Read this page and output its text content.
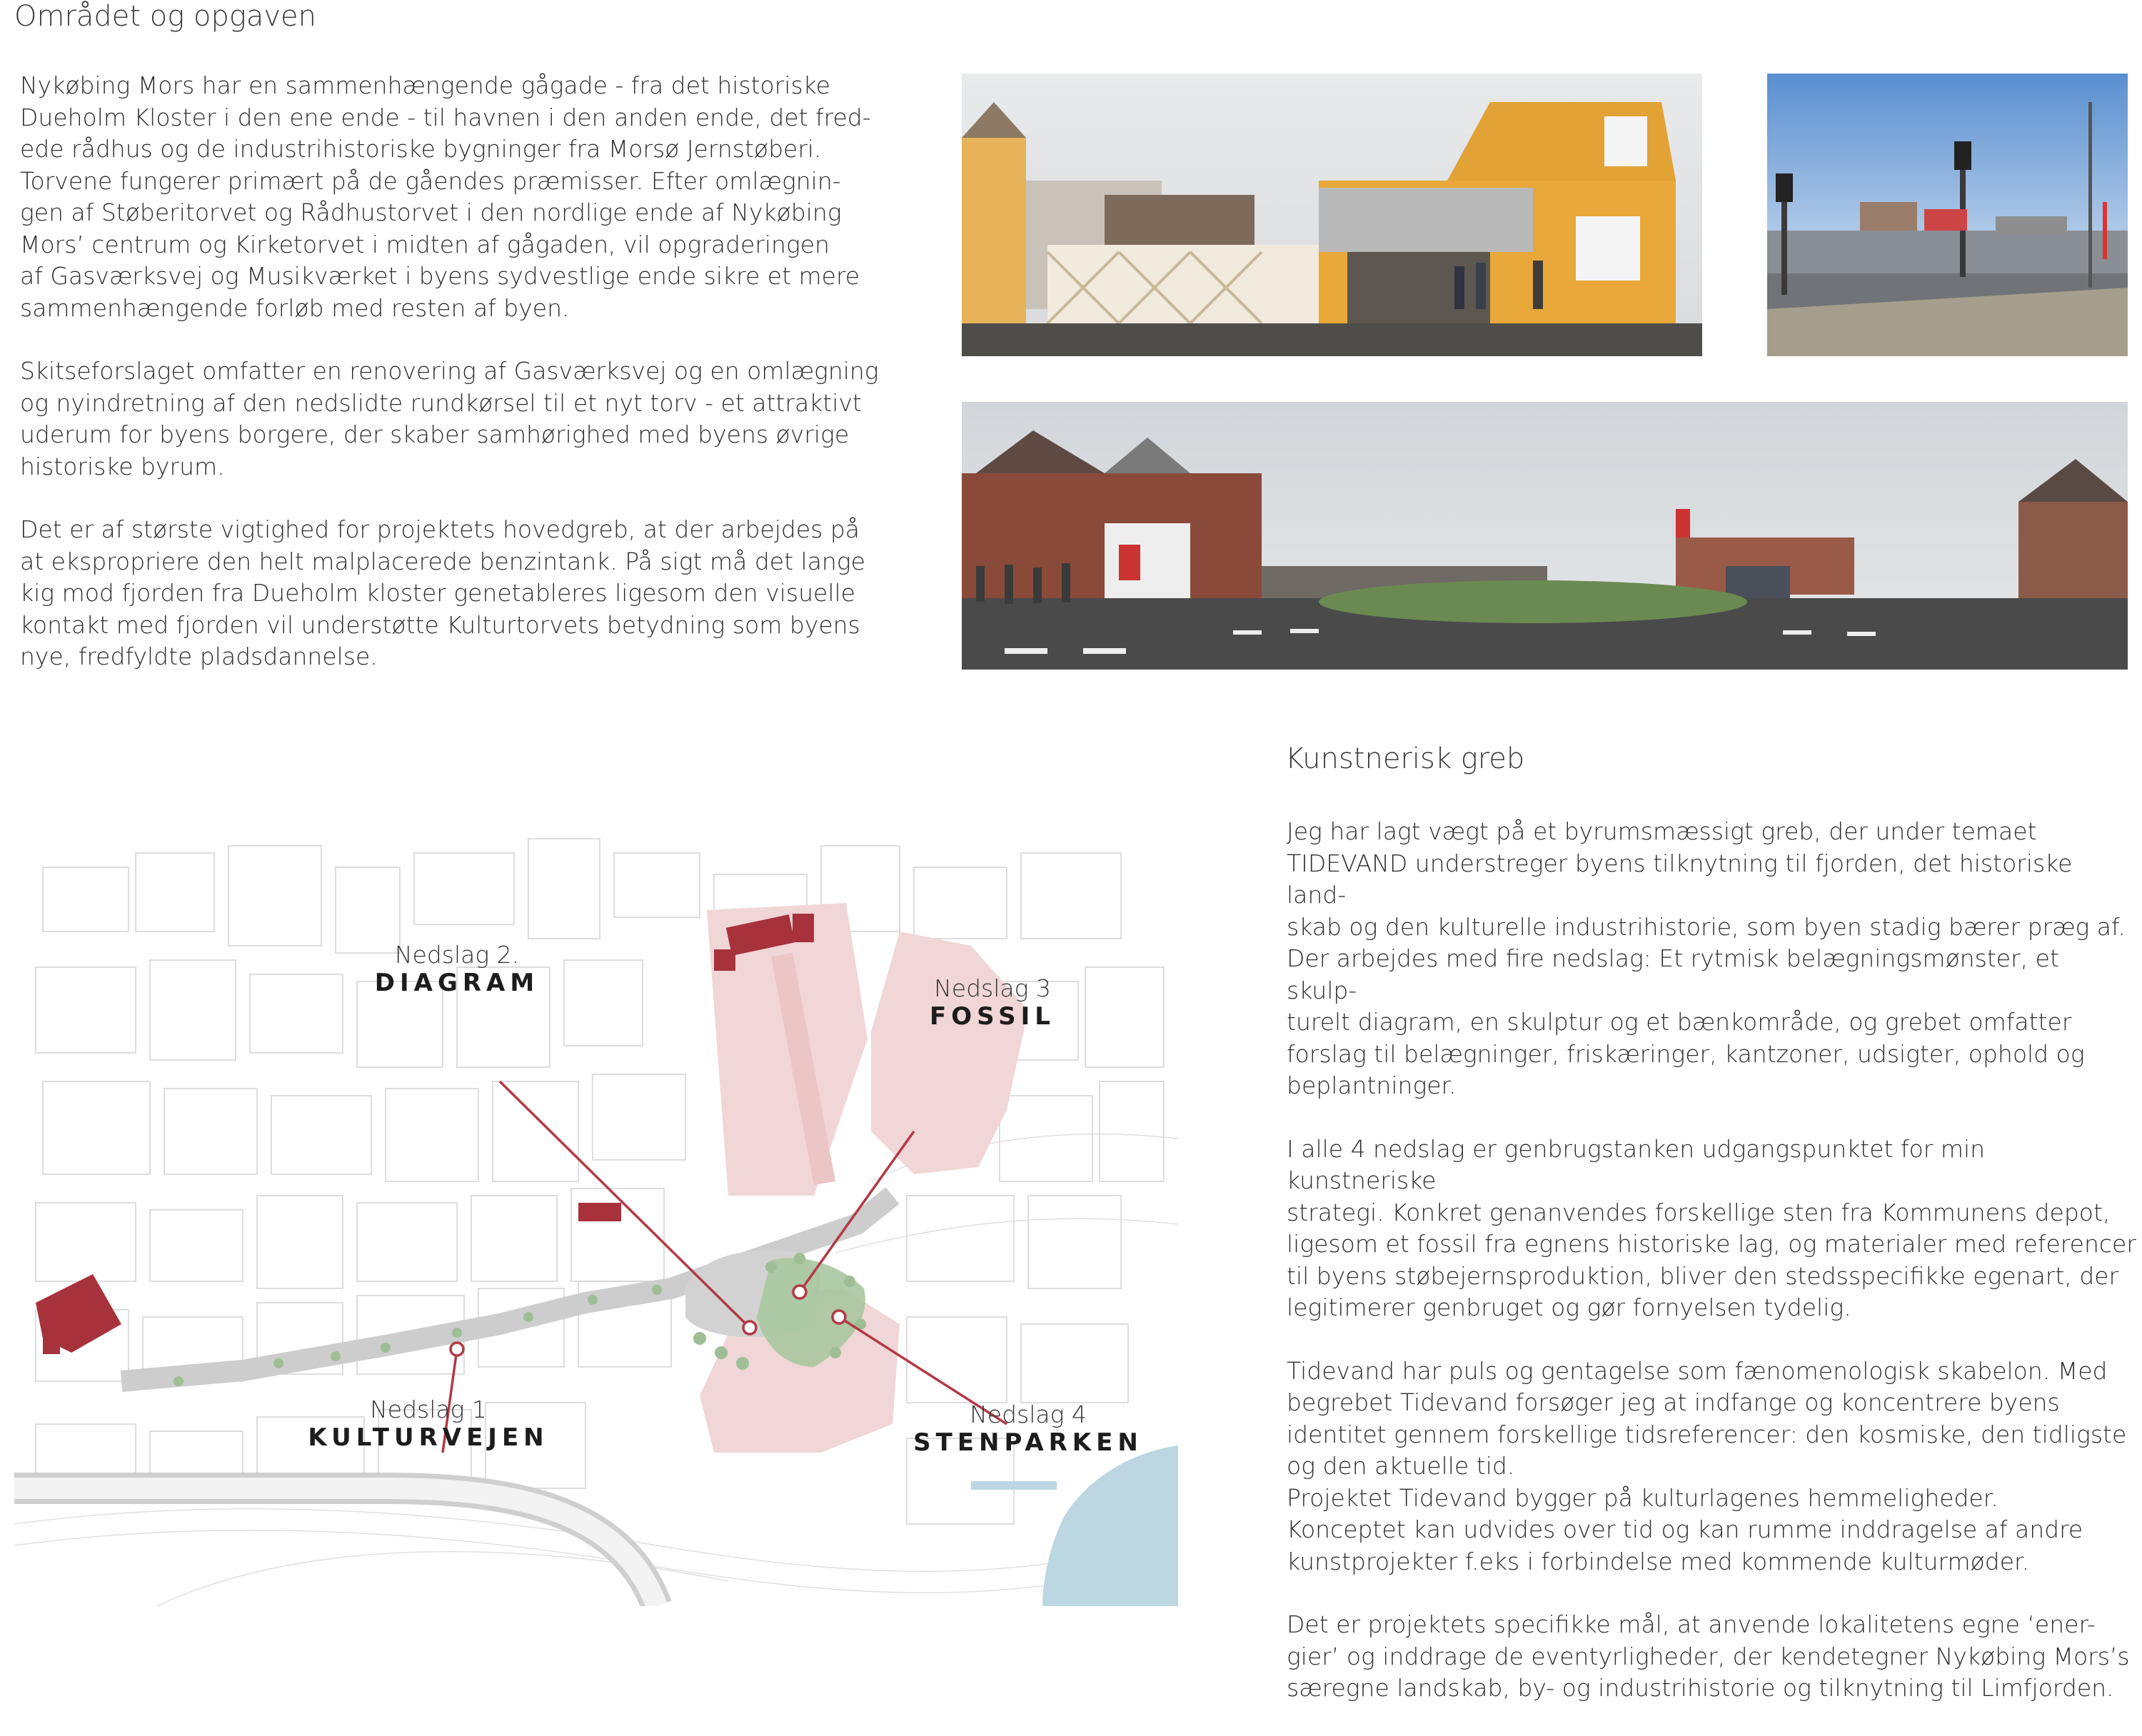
Området og opgaven

Nykøbing Mors har en sammenhængende gågade - fra det historiske
Dueholm Kloster i den ene ende - til havnen i den anden ende, det fred-
ede rådhus og de industrihistoriske bygninger fra Morsø Jernstøberi.
Torvene fungerer primært på de gåendes præmisser. Efter omlægnin-
gen af Støberitorvet og Rådhustorvet i den nordlige ende af Nykøbing
Mors’ centrum og Kirketorvet i midten af gågaden, vil opgraderingen
af Gasværksvej og Musikværket i byens sydvestlige ende sikre et mere
sammenhængende forløb med resten af byen.

Skitseforslaget omfatter en renovering af Gasværksvej og en omlægning
og nyindretning af den nedslidte rundkørsel til et nyt torv - et attraktivt
uderum for byens borgere, der skaber samhørighed med byens øvrige
historiske byrum.

Det er af største vigtighed for projektets hovedgreb, at der arbejdes på
at ekspropriere den helt malplacerede benzintank. På sigt må det lange
kig mod fjorden fra Dueholm kloster genetableres ligesom den visuelle
kontakt med fjorden vil understøtte Kulturtorvets betydning som byens
nye, fredfyldte pladsdannelse.

Nedslag 1
KULTURVEJEN
Nedslag 2.
DIAGRAM	Nedslag 3
FOSSIL
Nedslag 4
STENPARKEN
Kunstnerisk greb

Jeg har lagt vægt på et byrumsmæssigt greb, der under temaet
TIDEVAND understreger byens tilknytning til fjorden, det historiske land-
skab og den kulturelle industrihistorie, som byen stadig bærer præg af.
Der arbejdes med fire nedslag: Et rytmisk belægningsmønster, et skulp-
turelt diagram, en skulptur og et bænkområde, og grebet omfatter
forslag til belægninger, friskæringer, kantzoner, udsigter, ophold og
beplantninger.

I alle 4 nedslag er genbrugstanken udgangspunktet for min kunstneriske
strategi. Konkret genanvendes forskellige sten fra Kommunens depot,
ligesom et fossil fra egnens historiske lag, og materialer med referencer
til byens støbejernsproduktion, bliver den stedsspecifikke egenart, der
legitimerer genbruget og gør fornyelsen tydelig.

Tidevand har puls og gentagelse som fænomenologisk skabelon. Med
begrebet Tidevand forsøger jeg at indfange og koncentrere byens
identitet gennem forskellige tidsreferencer: den kosmiske, den tidligste
og den aktuelle tid.
Projektet Tidevand bygger på kulturlagenes hemmeligheder.
Konceptet kan udvides over tid og kan rumme inddragelse af andre
kunstprojekter f.eks i forbindelse med kommende kulturmøder.

Det er projektets specifikke mål, at anvende lokalitetens egne ‘ener-
gier’ og inddrage de eventyrligheder, der kendetegner Nykøbing Mors’s
særegne landskab, by- og industrihistorie og tilknytning til Limfjorden.
